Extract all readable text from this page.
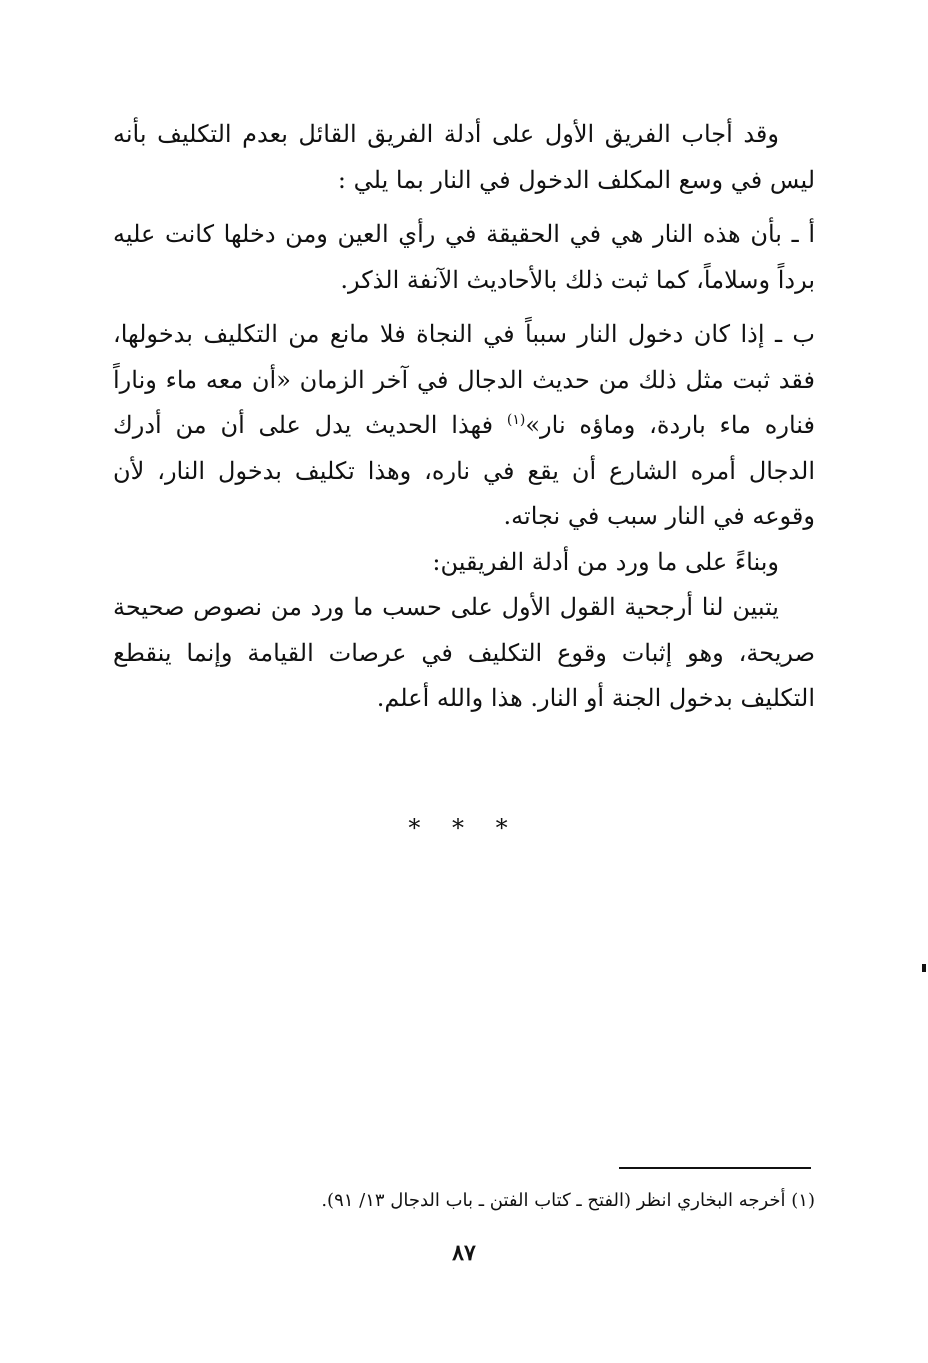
وقد أجاب الفريق الأول على أدلة الفريق القائل بعدم التكليف بأنه ليس في وسع المكلف الدخول في النار بما يلي :

أ ـ بأن هذه النار هي في الحقيقة في رأي العين ومن دخلها كانت عليه برداً وسلاماً، كما ثبت ذلك بالأحاديث الآنفة الذكر.

ب ـ إذا كان دخول النار سبباً في النجاة فلا مانع من التكليف بدخولها، فقد ثبت مثل ذلك من حديث الدجال في آخر الزمان «أن معه ماء وناراً فناره ماء باردة، وماؤه نار»$^{(١)}$ فهذا الحديث يدل على أن من أدرك الدجال أمره الشارع أن يقع في ناره، وهذا تكليف بدخول النار، لأن وقوعه في النار سبب في نجاته.

وبناءً على ما ورد من أدلة الفريقين:

يتبين لنا أرجحية القول الأول على حسب ما ورد من نصوص صحيحة صريحة، وهو إثبات وقوع التكليف في عرصات القيامة وإنما ينقطع التكليف بدخول الجنة أو النار. هذا والله أعلم.

* * *

(١) أخرجه البخاري انظر (الفتح ـ كتاب الفتن ـ باب الدجال ١٣/ ٩١).

٨٧
